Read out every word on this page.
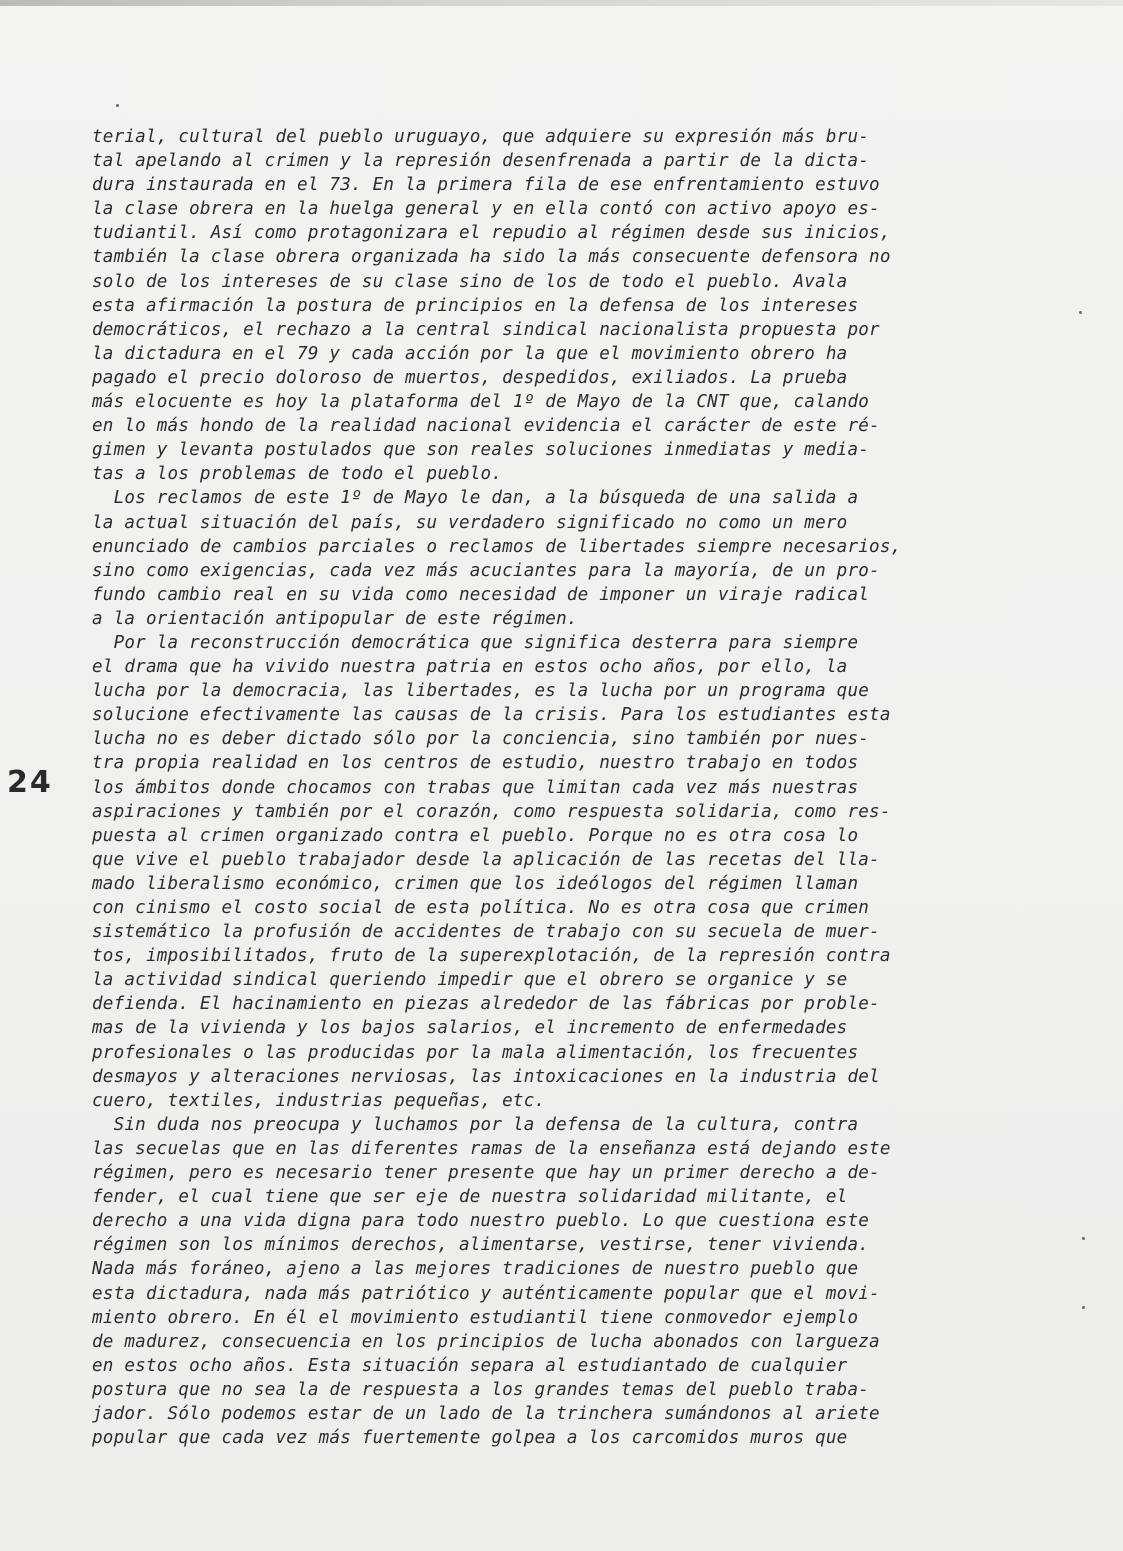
24
terial, cultural del pueblo uruguayo, que adquiere su expresión más bru-
tal apelando al crimen y la represión desenfrenada a partir de la dicta-
dura instaurada en el 73. En la primera fila de ese enfrentamiento estuvo
la clase obrera en la huelga general y en ella contó con activo apoyo es-
tudiantil. Así como protagonizara el repudio al régimen desde sus inicios,
también la clase obrera organizada ha sido la más consecuente defensora no
solo de los intereses de su clase sino de los de todo el pueblo. Avala
esta afirmación la postura de principios en la defensa de los intereses
democráticos, el rechazo a la central sindical nacionalista propuesta por
la dictadura en el 79 y cada acción por la que el movimiento obrero ha
pagado el precio doloroso de muertos, despedidos, exiliados. La prueba
más elocuente es hoy la plataforma del 1º de Mayo de la CNT que, calando
en lo más hondo de la realidad nacional evidencia el carácter de este ré-
gimen y levanta postulados que son reales soluciones inmediatas y media-
tas a los problemas de todo el pueblo.
Los reclamos de este 1º de Mayo le dan, a la búsqueda de una salida a
la actual situación del país, su verdadero significado no como un mero
enunciado de cambios parciales o reclamos de libertades siempre necesarios,
sino como exigencias, cada vez más acuciantes para la mayoría, de un pro-
fundo cambio real en su vida como necesidad de imponer un viraje radical
a la orientación antipopular de este régimen.
Por la reconstrucción democrática que significa desterra para siempre
el drama que ha vivido nuestra patria en estos ocho años, por ello, la
lucha por la democracia, las libertades, es la lucha por un programa que
solucione efectivamente las causas de la crisis. Para los estudiantes esta
lucha no es deber dictado sólo por la conciencia, sino también por nues-
tra propia realidad en los centros de estudio, nuestro trabajo en todos
los ámbitos donde chocamos con trabas que limitan cada vez más nuestras
aspiraciones y también por el corazón, como respuesta solidaria, como res-
puesta al crimen organizado contra el pueblo. Porque no es otra cosa lo
que vive el pueblo trabajador desde la aplicación de las recetas del lla-
mado liberalismo económico, crimen que los ideólogos del régimen llaman
con cinismo el costo social de esta política. No es otra cosa que crimen
sistemático la profusión de accidentes de trabajo con su secuela de muer-
tos, imposibilitados, fruto de la superexplotación, de la represión contra
la actividad sindical queriendo impedir que el obrero se organice y se
defienda. El hacinamiento en piezas alrededor de las fábricas por proble-
mas de la vivienda y los bajos salarios, el incremento de enfermedades
profesionales o las producidas por la mala alimentación, los frecuentes
desmayos y alteraciones nerviosas, las intoxicaciones en la industria del
cuero, textiles, industrias pequeñas, etc.
Sin duda nos preocupa y luchamos por la defensa de la cultura, contra
las secuelas que en las diferentes ramas de la enseñanza está dejando este
régimen, pero es necesario tener presente que hay un primer derecho a de-
fender, el cual tiene que ser eje de nuestra solidaridad militante, el
derecho a una vida digna para todo nuestro pueblo. Lo que cuestiona este
régimen son los mínimos derechos, alimentarse, vestirse, tener vivienda.
Nada más foráneo, ajeno a las mejores tradiciones de nuestro pueblo que
esta dictadura, nada más patriótico y auténticamente popular que el movi-
miento obrero. En él el movimiento estudiantil tiene conmovedor ejemplo
de madurez, consecuencia en los principios de lucha abonados con largueza
en estos ocho años. Esta situación separa al estudiantado de cualquier
postura que no sea la de respuesta a los grandes temas del pueblo traba-
jador. Sólo podemos estar de un lado de la trinchera sumándonos al ariete
popular que cada vez más fuertemente golpea a los carcomidos muros que
